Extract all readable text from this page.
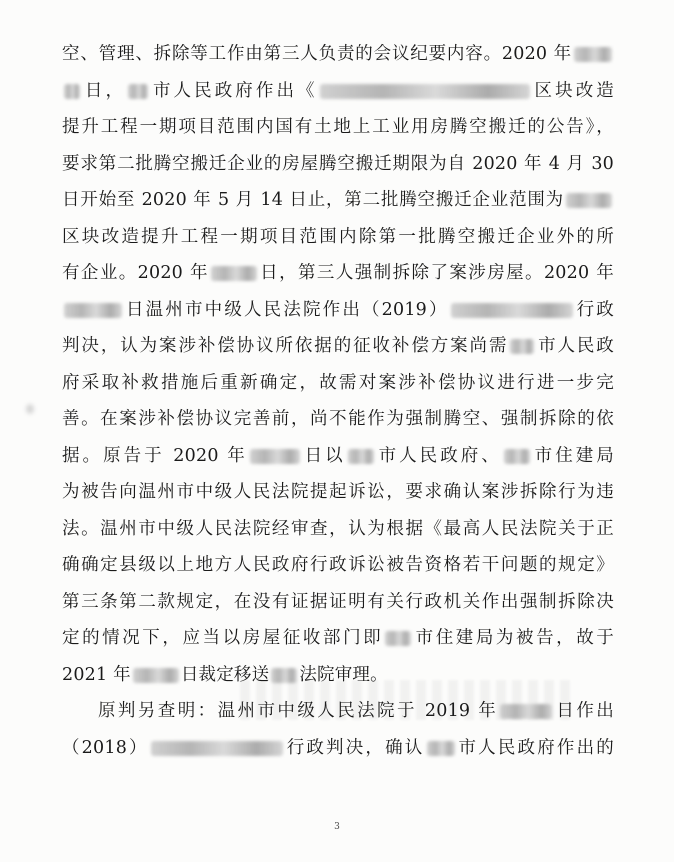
空、管理、拆除等工作由第三人负责的会议纪要内容。2020 年
日， 市人民政府作出《	区块改造
提升工程一期项目范围内国有土地上工业用房腾空搬迁的公告》，
要求第二批腾空搬迁企业的房屋腾空搬迁期限为自 2020 年 4 月 30
日开始至 2020 年 5 月 14 日止，第二批腾空搬迁企业范围为
区块改造提升工程一期项目范围内除第一批腾空搬迁企业外的所
有企业。2020 年	日，第三人强制拆除了案涉房屋。2020 年
日温州市中级人民法院作出（2019）	行政
判决，认为案涉补偿协议所依据的征收补偿方案尚需 市人民政
府采取补救措施后重新确定，故需对案涉补偿协议进行进一步完
善。在案涉补偿协议完善前，尚不能作为强制腾空、强制拆除的依
据。原告于 2020 年	日以 市人民政府、 市住建局
为被告向温州市中级人民法院提起诉讼，要求确认案涉拆除行为违
法。温州市中级人民法院经审查，认为根据《最高人民法院关于正
确确定县级以上地方人民政府行政诉讼被告资格若干问题的规定》
第三条第二款规定，在没有证据证明有关行政机关作出强制拆除决
定的情况下，应当以房屋征收部门即 市住建局为被告，故于
2021 年	日裁定移送 法院审理。
原判另查明：温州市中级人民法院于 2019 年	日作出
（2018）	行政判决，确认 市人民政府作出的
3
